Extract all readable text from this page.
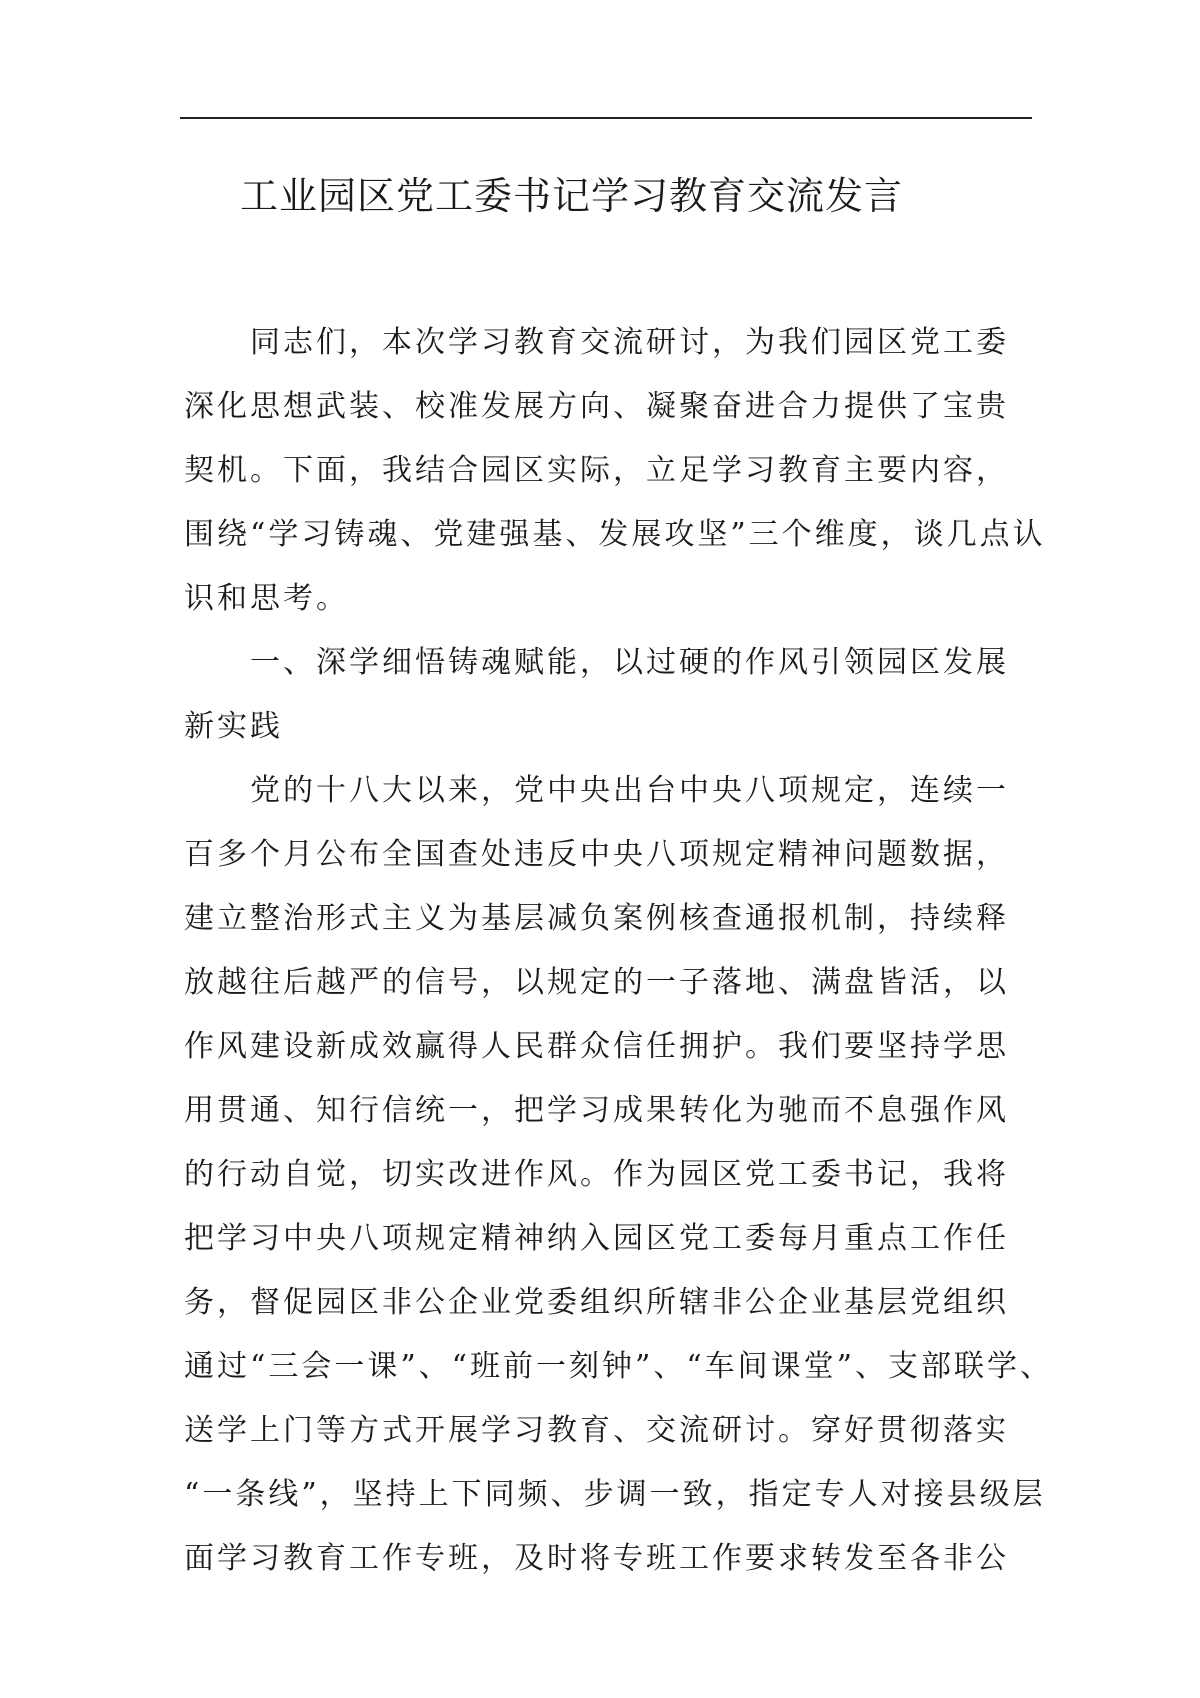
工业园区党工委书记学习教育交流发言

同志们，本次学习教育交流研讨，为我们园区党工委

深化思想武装、校准发展方向、凝聚奋进合力提供了宝贵

契机。下面，我结合园区实际，立足学习教育主要内容，

围绕“学习铸魂、党建强基、发展攻坚”三个维度，谈几点认

识和思考。

一、深学细悟铸魂赋能，以过硬的作风引领园区发展

新实践

党的十八大以来，党中央出台中央八项规定，连续一

百多个月公布全国查处违反中央八项规定精神问题数据，

建立整治形式主义为基层减负案例核查通报机制，持续释

放越往后越严的信号，以规定的一子落地、满盘皆活，以

作风建设新成效赢得人民群众信任拥护。我们要坚持学思

用贯通、知行信统一，把学习成果转化为驰而不息强作风

的行动自觉，切实改进作风。作为园区党工委书记，我将

把学习中央八项规定精神纳入园区党工委每月重点工作任

务，督促园区非公企业党委组织所辖非公企业基层党组织

通过“三会一课”、“班前一刻钟”、“车间课堂”、支部联学、

送学上门等方式开展学习教育、交流研讨。穿好贯彻落实

“一条线”，坚持上下同频、步调一致，指定专人对接县级层

面学习教育工作专班，及时将专班工作要求转发至各非公
